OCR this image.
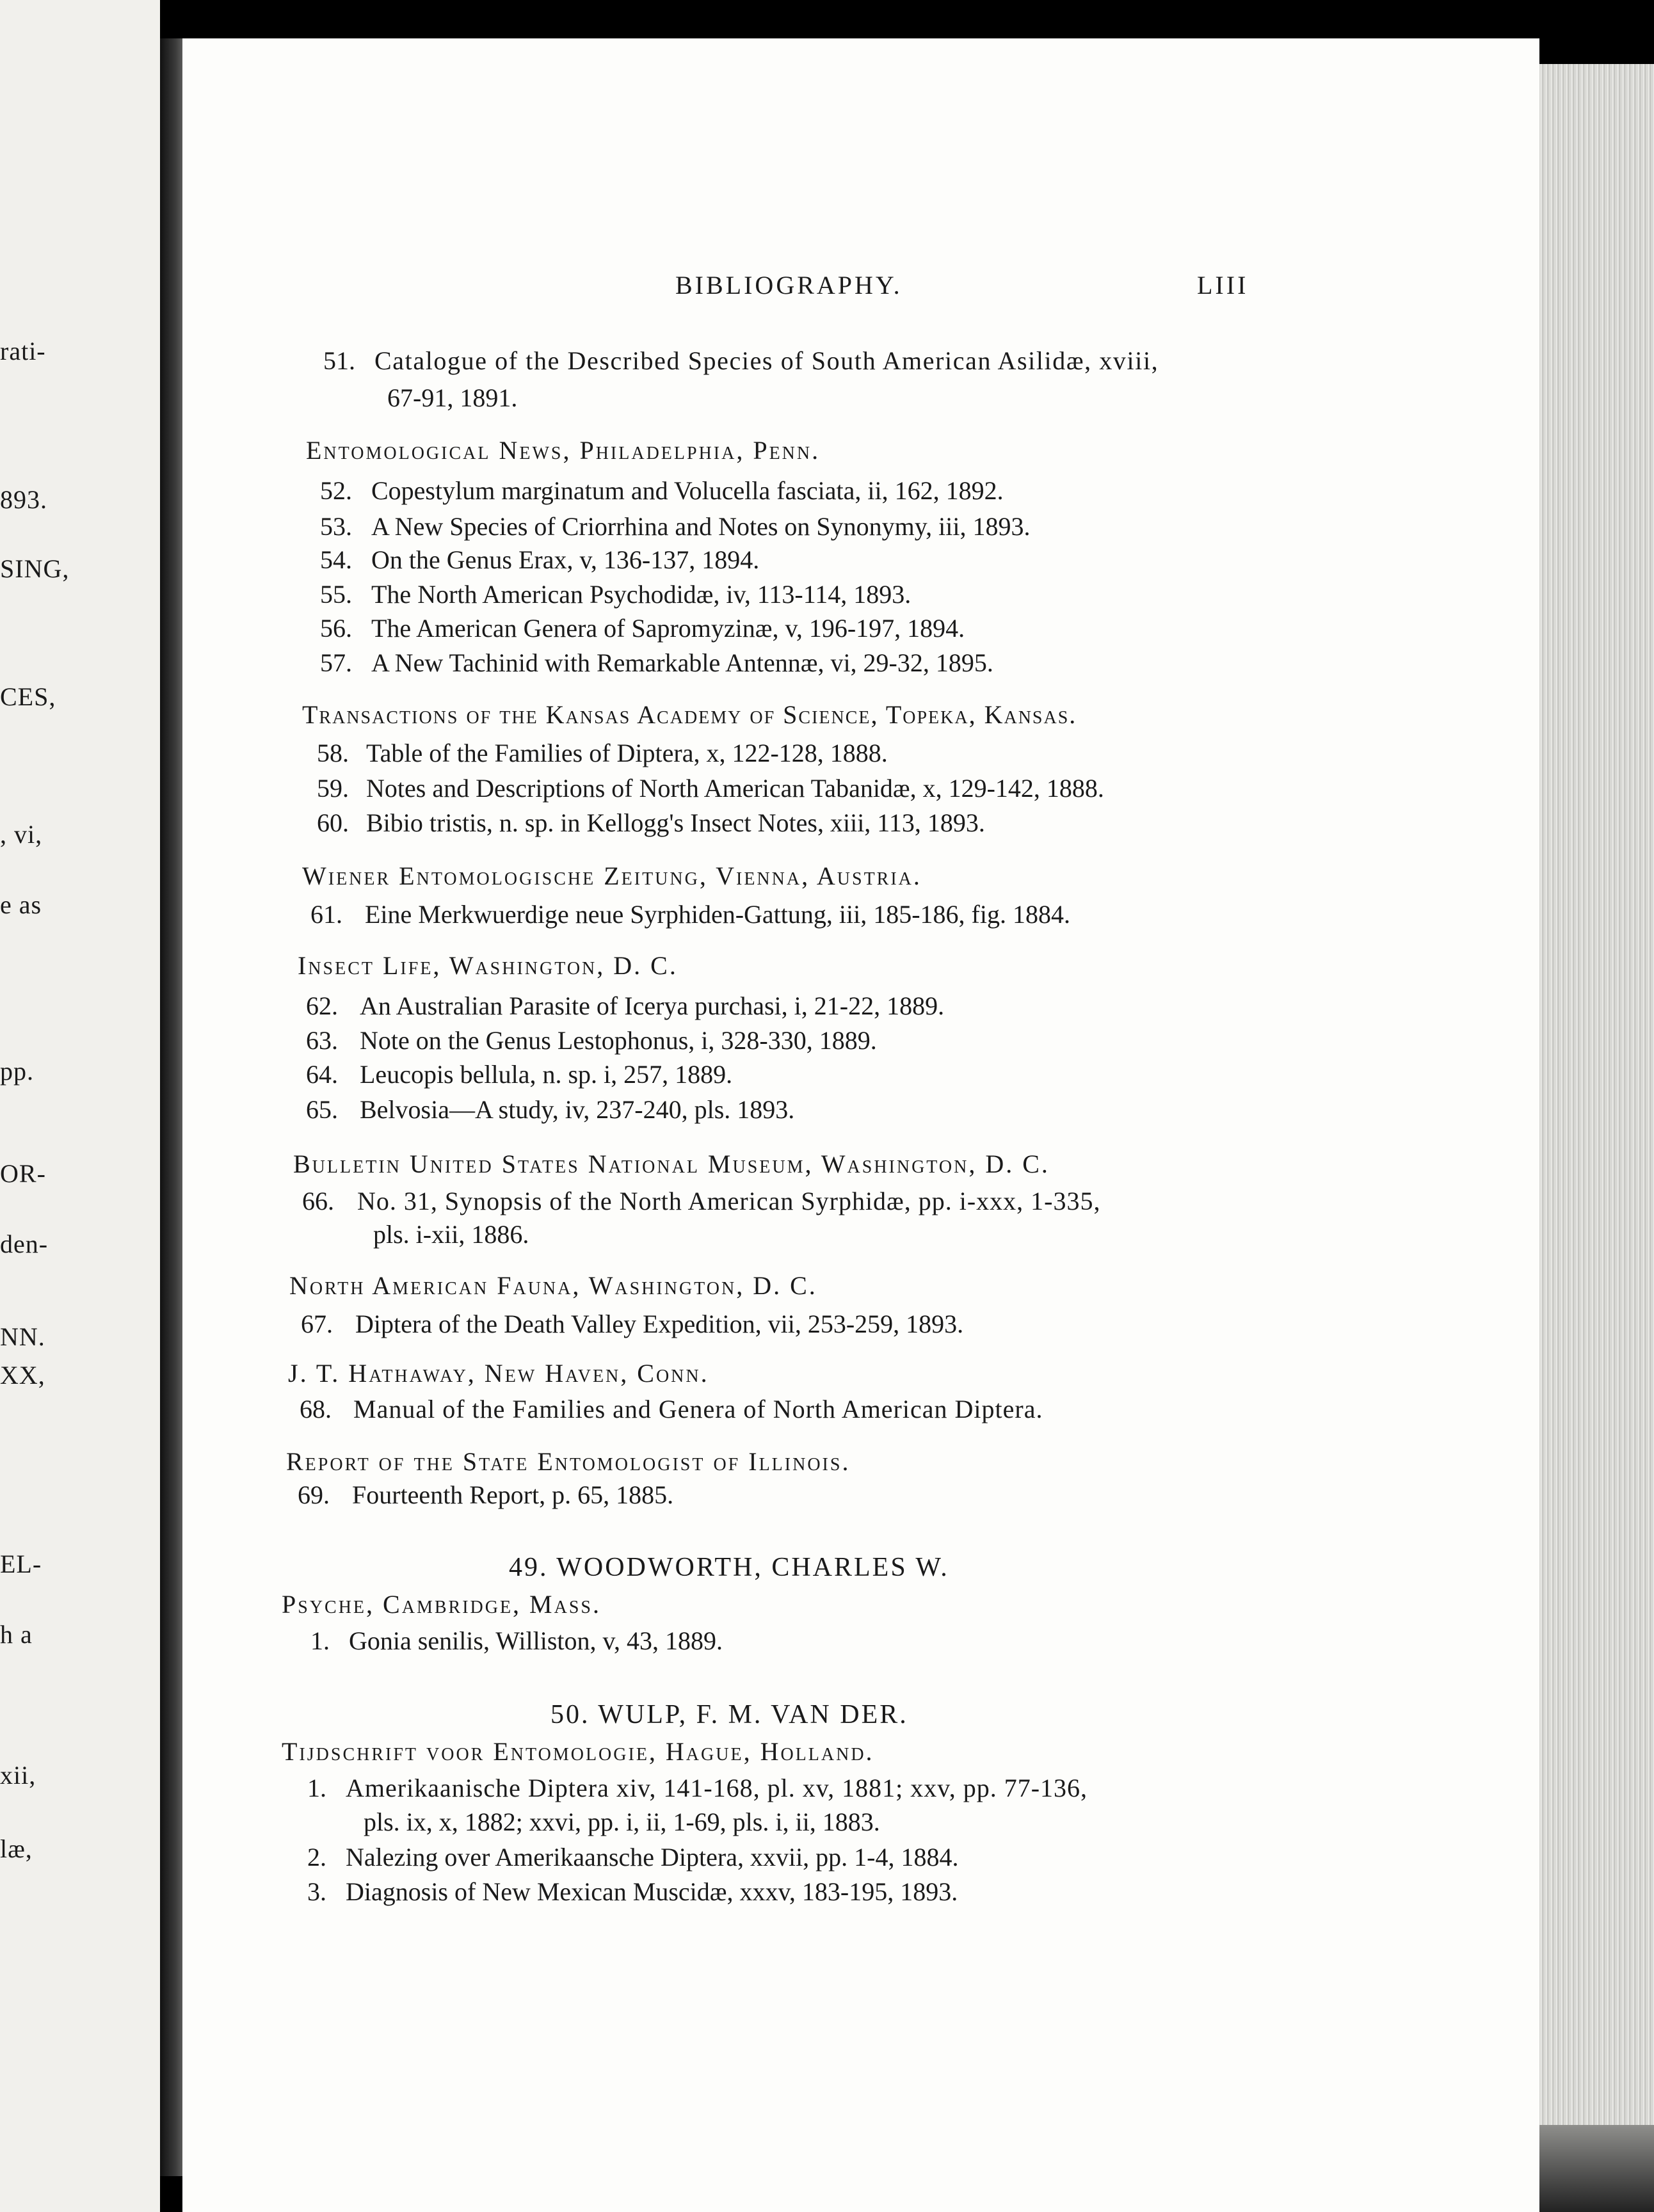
rati-
893.
SING,
CES,
, vi,
e as
pp.
OR-
den-
NN.
XX,
EL-
h a
xii,
læ,
BIBLIOGRAPHY.	LIII
51. Catalogue of the Described Species of South American Asilidæ, xviii,
67-91, 1891.
Entomological News, Philadelphia, Penn.
52. Copestylum marginatum and Volucella fasciata, ii, 162, 1892.
53. A New Species of Criorrhina and Notes on Synonymy, iii, 1893.
54. On the Genus Erax, v, 136-137, 1894.
55. The North American Psychodidæ, iv, 113-114, 1893.
56. The American Genera of Sapromyzinæ, v, 196-197, 1894.
57. A New Tachinid with Remarkable Antennæ, vi, 29-32, 1895.
Transactions of the Kansas Academy of Science, Topeka, Kansas.
58. Table of the Families of Diptera, x, 122-128, 1888.
59. Notes and Descriptions of North American Tabanidæ, x, 129-142, 1888.
60. Bibio tristis, n. sp. in Kellogg's Insect Notes, xiii, 113, 1893.
Wiener Entomologische Zeitung, Vienna, Austria.
61. Eine Merkwuerdige neue Syrphiden-Gattung, iii, 185-186, fig. 1884.
Insect Life, Washington, D. C.
62. An Australian Parasite of Icerya purchasi, i, 21-22, 1889.
63. Note on the Genus Lestophonus, i, 328-330, 1889.
64. Leucopis bellula, n. sp. i, 257, 1889.
65. Belvosia—A study, iv, 237-240, pls. 1893.
Bulletin United States National Museum, Washington, D. C.
66. No. 31, Synopsis of the North American Syrphidæ, pp. i-xxx, 1-335,
pls. i-xii, 1886.
North American Fauna, Washington, D. C.
67. Diptera of the Death Valley Expedition, vii, 253-259, 1893.
J. T. Hathaway, New Haven, Conn.
68. Manual of the Families and Genera of North American Diptera.
Report of the State Entomologist of Illinois.
69. Fourteenth Report, p. 65, 1885.
49. WOODWORTH, CHARLES W.
Psyche, Cambridge, Mass.
1. Gonia senilis, Williston, v, 43, 1889.
50. WULP, F. M. VAN DER.
Tijdschrift voor Entomologie, Hague, Holland.
1. Amerikaanische Diptera xiv, 141-168, pl. xv, 1881; xxv, pp. 77-136,
pls. ix, x, 1882; xxvi, pp. i, ii, 1-69, pls. i, ii, 1883.
2. Nalezing over Amerikaansche Diptera, xxvii, pp. 1-4, 1884.
3. Diagnosis of New Mexican Muscidæ, xxxv, 183-195, 1893.
